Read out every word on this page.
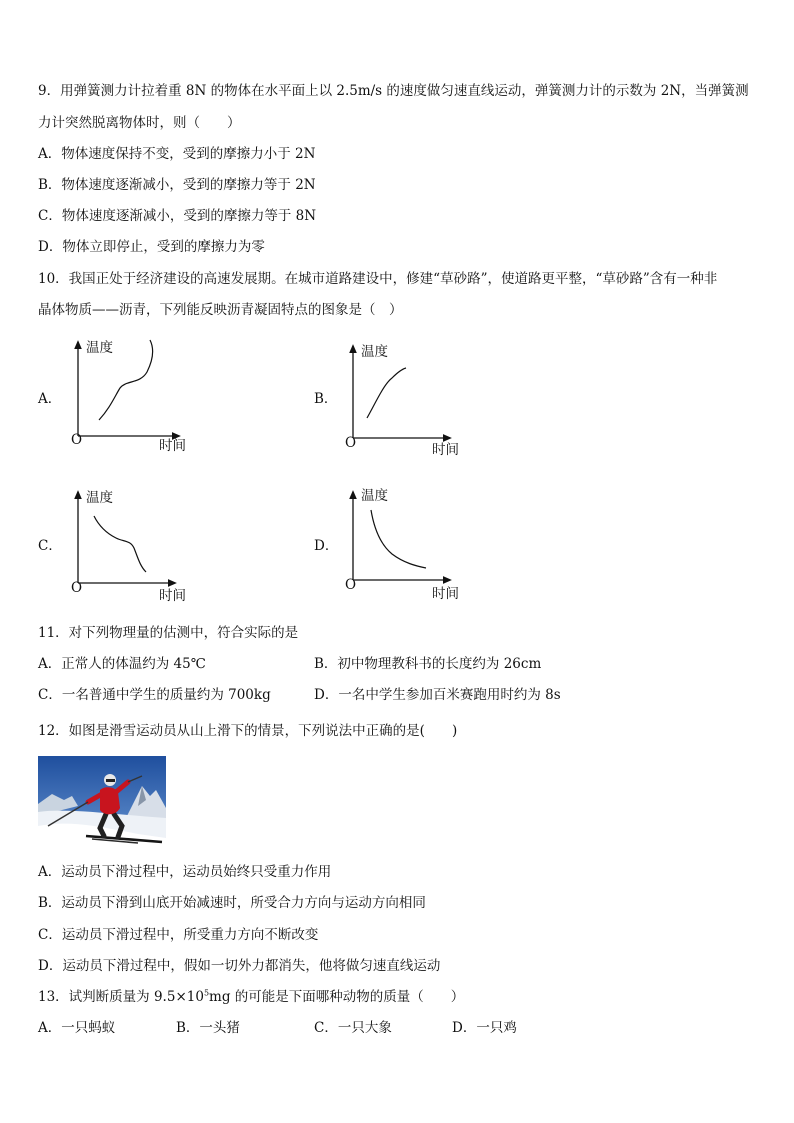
9．用弹簧测力计拉着重 8N 的物体在水平面上以 2.5m/s 的速度做匀速直线运动，弹簧测力计的示数为 2N，当弹簧测
力计突然脱离物体时，则（　　）
A．物体速度保持不变，受到的摩擦力小于 2N
B．物体速度逐渐减小，受到的摩擦力等于 2N
C．物体速度逐渐减小，受到的摩擦力等于 8N
D．物体立即停止，受到的摩擦力为零
10．我国正处于经济建设的高速发展期。在城市道路建设中，修建“草砂路”，使道路更平整，“草砂路”含有一种非
晶体物质——沥青，下列能反映沥青凝固特点的图象是（　）
A．
温度
O	时间
B．
温度
O	时间
C．
温度
O	时间
D．
温度
O
时间
11．对下列物理量的估测中，符合实际的是
A．正常人的体温约为 45℃	B．初中物理教科书的长度约为 26cm
C．一名普通中学生的质量约为 700kg	D．一名中学生参加百米赛跑用时约为 8s
12．如图是滑雪运动员从山上滑下的情景，下列说法中正确的是(　　)
A．运动员下滑过程中，运动员始终只受重力作用
B．运动员下滑到山底开始减速时，所受合力方向与运动方向相同
C．运动员下滑过程中，所受重力方向不断改变
D．运动员下滑过程中，假如一切外力都消失，他将做匀速直线运动
13．试判断质量为 $9.5\times 10^5mg$ 的可能是下面哪种动物的质量（　　）
A．一只蚂蚁	B．一头猪	C．一只大象	D．一只鸡
